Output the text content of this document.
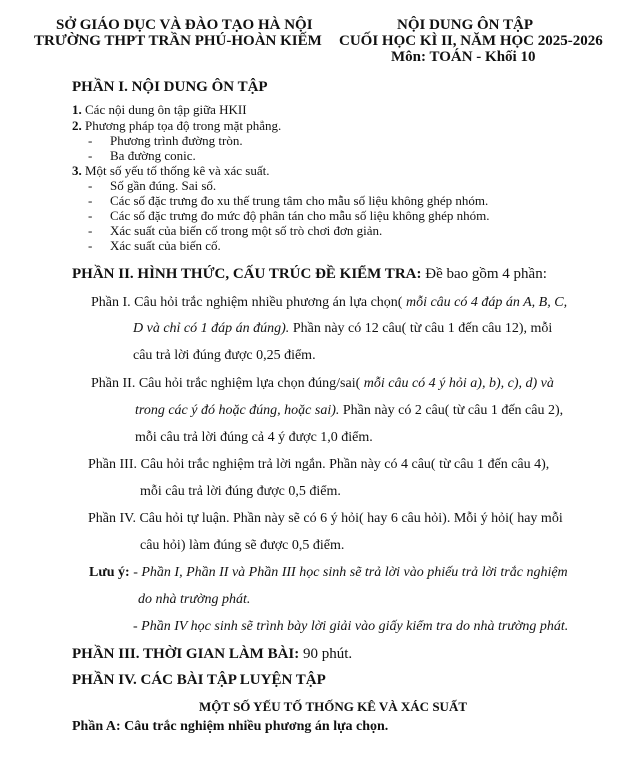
SỞ GIÁO DỤC VÀ ĐÀO TẠO HÀ NỘI
TRƯỜNG THPT TRẦN PHÚ-HOÀN KIẾM
NỘI DUNG ÔN TẬP
CUỐI HỌC KÌ II, NĂM HỌC 2025-2026
Môn: TOÁN - Khối 10
PHẦN I. NỘI DUNG ÔN TẬP
1. Các nội dung ôn tập giữa HKII
2. Phương pháp tọa độ trong mặt phẳng.
- Phương trình đường tròn.
- Ba đường conic.
3. Một số yếu tố thống kê và xác suất.
- Số gần đúng. Sai số.
- Các số đặc trưng đo xu thế trung tâm cho mẫu số liệu không ghép nhóm.
- Các số đặc trưng đo mức độ phân tán cho mẫu số liệu không ghép nhóm.
- Xác suất của biến cố trong một số trò chơi đơn giản.
- Xác suất của biến cố.
PHẦN II. HÌNH THỨC, CẤU TRÚC ĐỀ KIỂM TRA: Đề bao gồm 4 phần:
Phần I. Câu hỏi trắc nghiệm nhiều phương án lựa chọn( mỗi câu có 4 đáp án A, B, C,
D và chỉ có 1 đáp án đúng). Phần này có 12 câu( từ câu 1 đến câu 12), mỗi
câu trả lời đúng được 0,25 điểm.
Phần II. Câu hỏi trắc nghiệm lựa chọn đúng/sai( mỗi câu có 4 ý hỏi a), b), c), d) và
trong các ý đó hoặc đúng, hoặc sai). Phần này có 2 câu( từ câu 1 đến câu 2),
mỗi câu trả lời đúng cả 4 ý được 1,0 điểm.
Phần III. Câu hỏi trắc nghiệm trả lời ngắn. Phần này có 4 câu( từ câu 1 đến câu 4),
mỗi câu trả lời đúng được 0,5 điểm.
Phần IV. Câu hỏi tự luận. Phần này sẽ có 6 ý hỏi( hay 6 câu hỏi). Mỗi ý hỏi( hay mỗi
câu hỏi) làm đúng sẽ được 0,5 điểm.
Lưu ý: - Phần I, Phần II và Phần III học sinh sẽ trả lời vào phiếu trả lời trắc nghiệm
do nhà trường phát.
- Phần IV học sinh sẽ trình bày lời giải vào giấy kiểm tra do nhà trường phát.
PHẦN III. THỜI GIAN LÀM BÀI: 90 phút.
PHẦN IV. CÁC BÀI TẬP LUYỆN TẬP
MỘT SỐ YẾU TỐ THỐNG KÊ VÀ XÁC SUẤT
Phần A: Câu trắc nghiệm nhiều phương án lựa chọn.
